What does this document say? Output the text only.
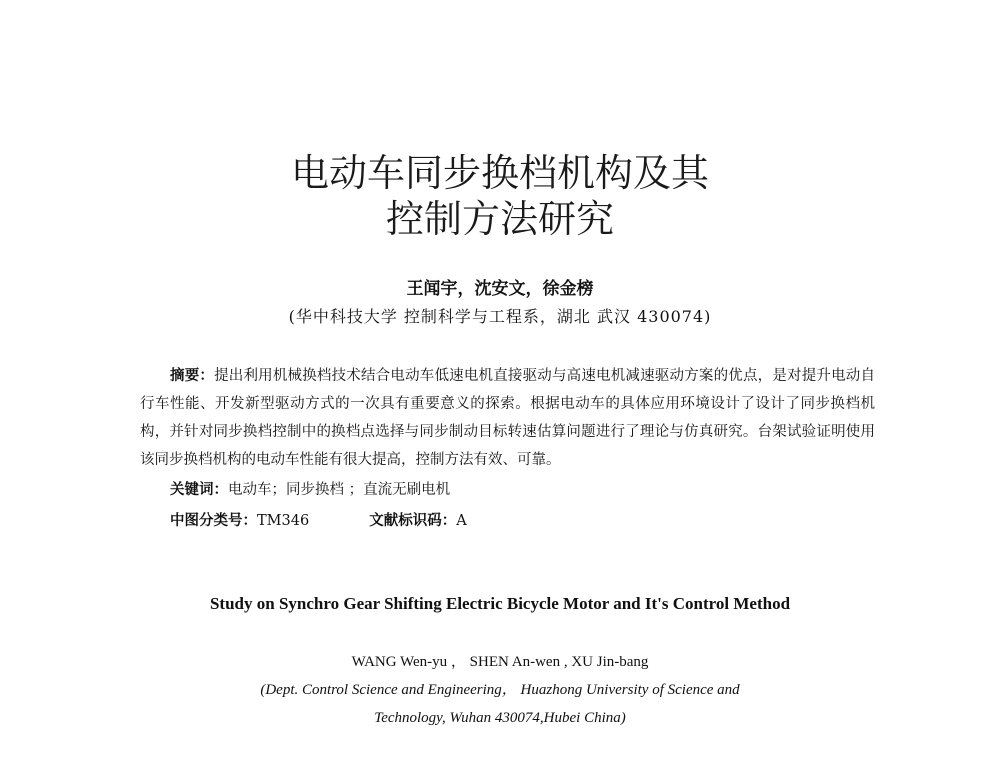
电动车同步换档机构及其
控制方法研究
王闻宇，沈安文，徐金榜
(华中科技大学 控制科学与工程系，湖北 武汉 430074)
摘要：提出利用机械换档技术结合电动车低速电机直接驱动与高速电机减速驱动方案的优点，是对提升电动自行车性能、开发新型驱动方式的一次具有重要意义的探索。根据电动车的具体应用环境设计了设计了同步换档机构，并针对同步换档控制中的换档点选择与同步制动目标转速估算问题进行了理论与仿真研究。台架试验证明使用该同步换档机构的电动车性能有很大提高，控制方法有效、可靠。
关键词：电动车；同步换档 ；直流无刷电机
中图分类号：TM346	文献标识码：A
Study on Synchro Gear Shifting Electric Bicycle Motor and It's Control Method
WANG Wen-yu ， SHEN An-wen , XU Jin-bang
(Dept. Control Science and Engineering， Huazhong University of Science and
Technology, Wuhan 430074,Hubei China)
